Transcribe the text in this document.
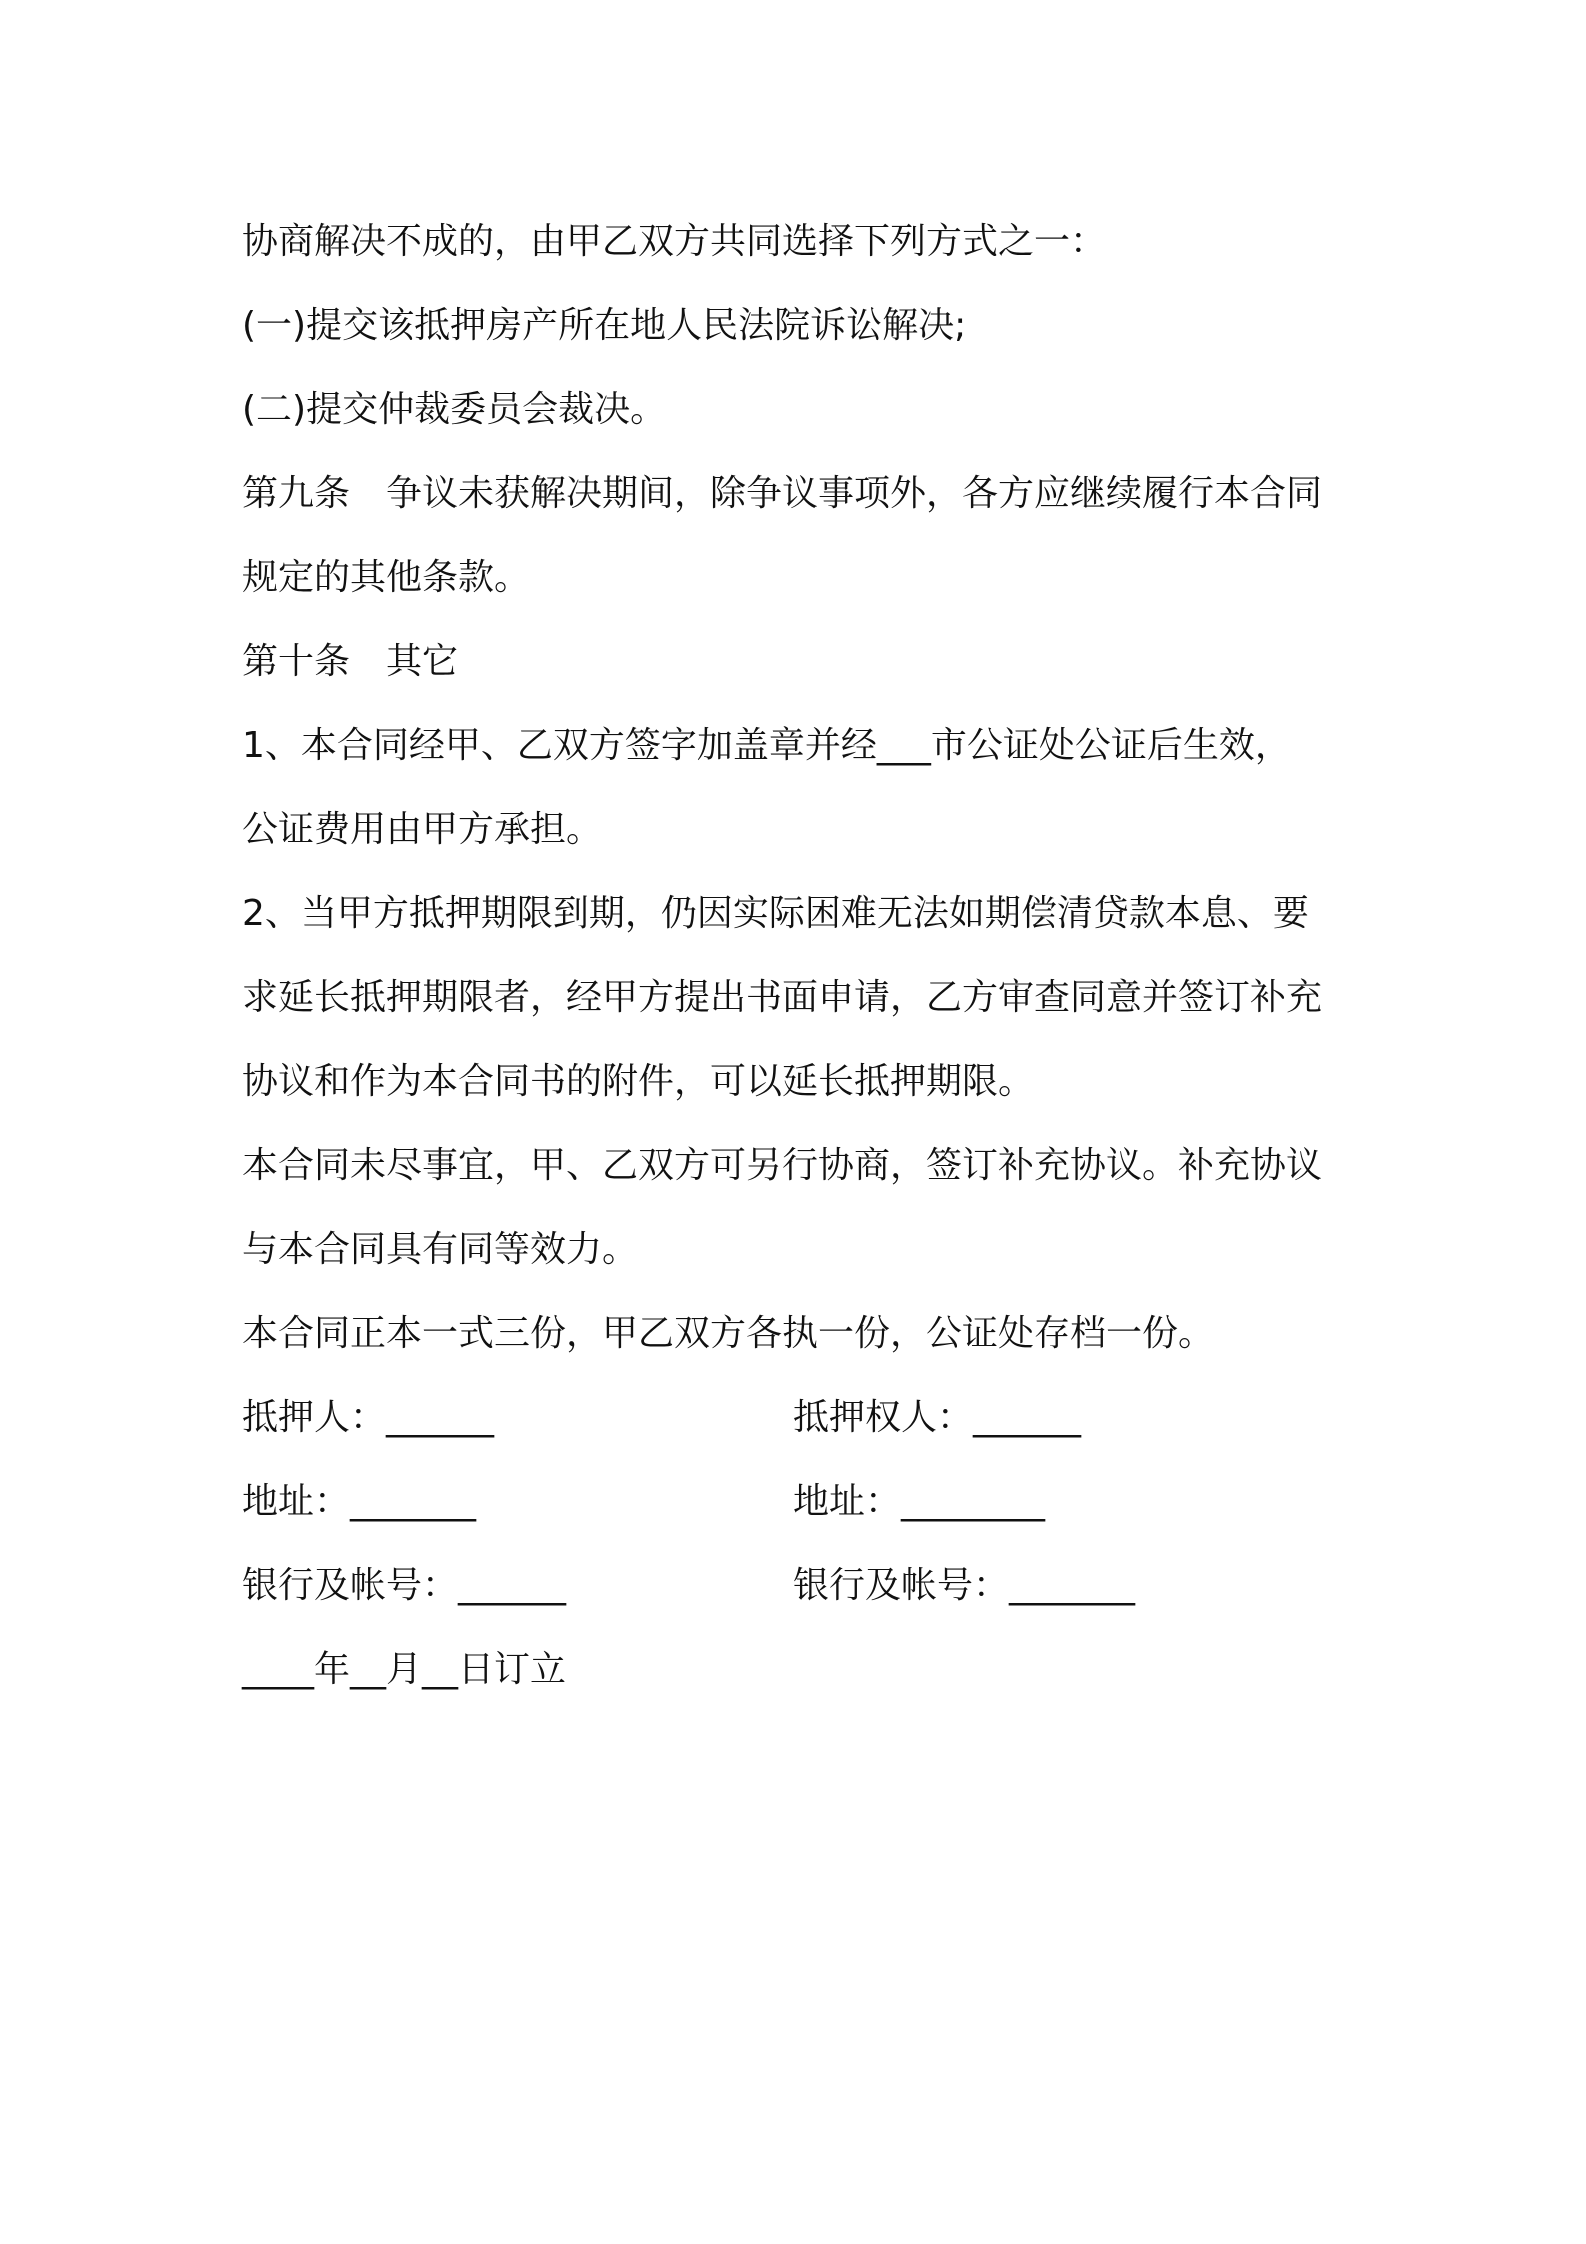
协商解决不成的，由甲乙双方共同选择下列方式之一：
(一)提交该抵押房产所在地人民法院诉讼解决;
(二)提交仲裁委员会裁决。
第九条　争议未获解决期间，除争议事项外，各方应继续履行本合同
规定的其他条款。
第十条　其它
1、本合同经甲、乙双方签字加盖章并经___市公证处公证后生效，
公证费用由甲方承担。
2、当甲方抵押期限到期，仍因实际困难无法如期偿清贷款本息、要
求延长抵押期限者，经甲方提出书面申请，乙方审查同意并签订补充
协议和作为本合同书的附件，可以延长抵押期限。
本合同未尽事宜，甲、乙双方可另行协商，签订补充协议。补充协议
与本合同具有同等效力。
本合同正本一式三份，甲乙双方各执一份，公证处存档一份。
抵押人：______	抵押权人：______
地址：_______	地址：________
银行及帐号：______	银行及帐号：_______
____年__月__日订立
